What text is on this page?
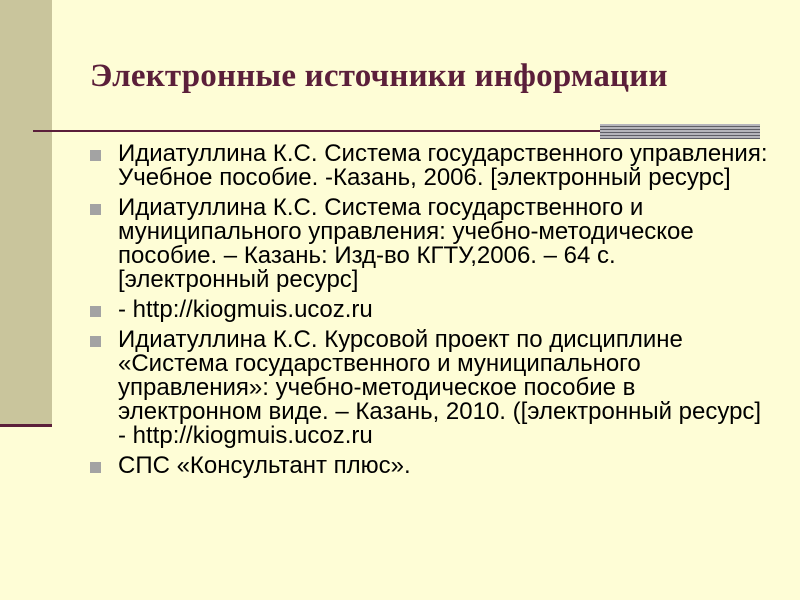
Электронные источники информации
Идиатуллина К.С. Система государственного управления: Учебное пособие. -Казань, 2006. [электронный ресурс]
Идиатуллина К.С. Система государственного и муниципального управления: учебно-методическое пособие. – Казань: Изд-во КГТУ,2006. – 64 с. [электронный ресурс]
- http://kiogmuis.ucoz.ru
Идиатуллина К.С. Курсовой проект по дисциплине «Система государственного и муниципального управления»: учебно-методическое пособие в электронном виде. – Казань, 2010. ([электронный ресурс] - http://kiogmuis.ucoz.ru
СПС «Консультант плюс».
